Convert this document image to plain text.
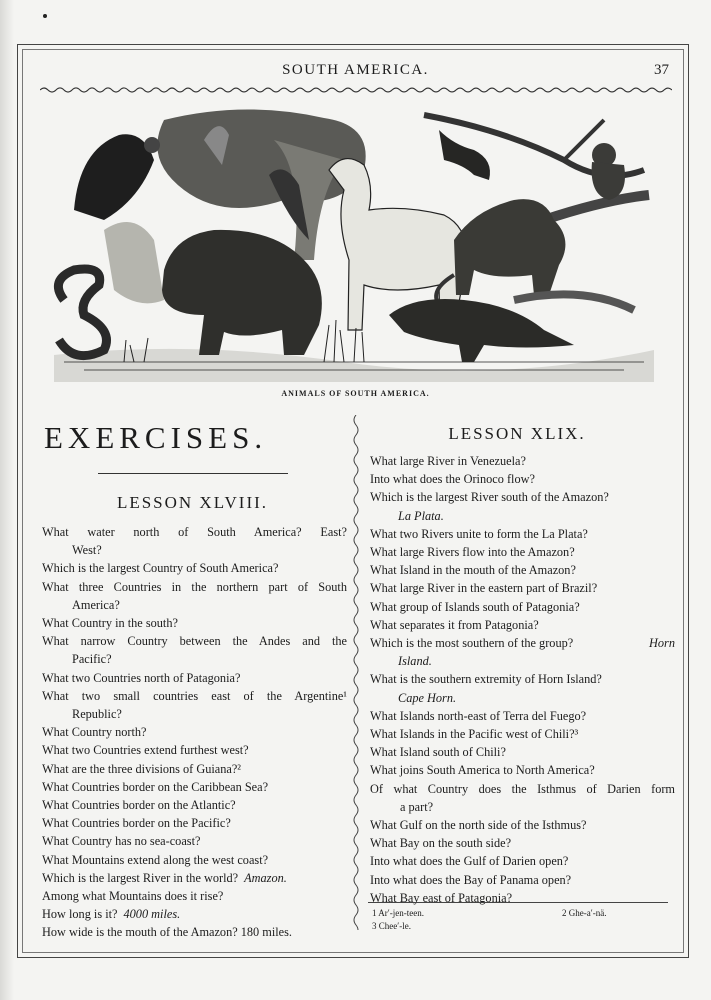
SOUTH AMERICA.	37
ANIMALS OF SOUTH AMERICA.
EXERCISES.
LESSON XLVIII.
LESSON XLIX.
What water north of South America? East?
West?
Which is the largest Country of South America?
What three Countries in the northern part of South
America?
What Country in the south?
What narrow Country between the Andes and the
Pacific?
What two Countries north of Patagonia?
What two small countries east of the Argentine¹
Republic?
What Country north?
What two Countries extend furthest west?
What are the three divisions of Guiana?²
What Countries border on the Caribbean Sea?
What Countries border on the Atlantic?
What Countries border on the Pacific?
What Country has no sea-coast?
What Mountains extend along the west coast?
Which is the largest River in the world? Amazon.
Among what Mountains does it rise?
How long is it? 4000 miles.
How wide is the mouth of the Amazon? 180 miles.
What large River in Venezuela?
Into what does the Orinoco flow?
Which is the largest River south of the Amazon?
La Plata.
What two Rivers unite to form the La Plata?
What large Rivers flow into the Amazon?
What Island in the mouth of the Amazon?
What large River in the eastern part of Brazil?
What group of Islands south of Patagonia?
What separates it from Patagonia?
Which is the most southern of the group?	Horn
Island.
What is the southern extremity of Horn Island?
Cape Horn.
What Islands north-east of Terra del Fuego?
What Islands in the Pacific west of Chili?³
What Island south of Chili?
What joins South America to North America?
Of what Country does the Isthmus of Darien form
a part?
What Gulf on the north side of the Isthmus?
What Bay on the south side?
Into what does the Gulf of Darien open?
Into what does the Bay of Panama open?
What Bay east of Patagonia?
1 Ar′-jen-teen.	2 Ghe-a′-nä.
3 Chee′-le.
